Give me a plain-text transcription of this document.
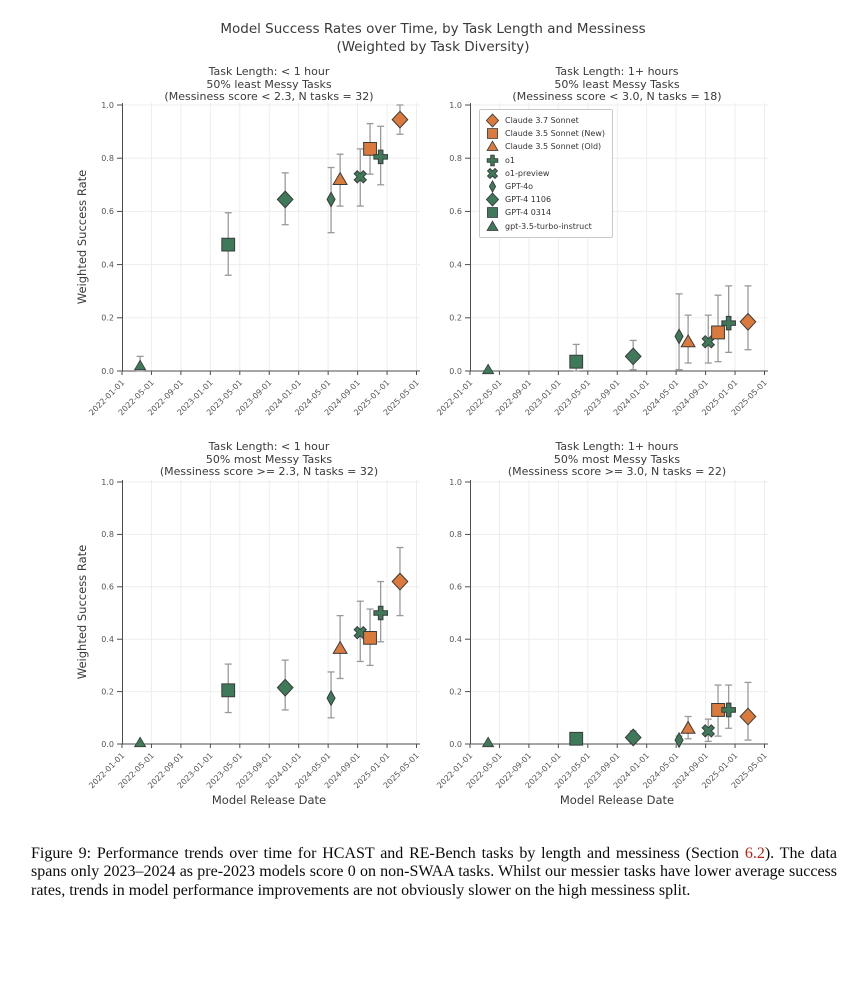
Model Success Rates over Time, by Task Length and Messiness
(Weighted by Task Diversity)
Task Length: < 1 hour
50% least Messy Tasks
(Messiness score < 2.3, N tasks = 32)
Task Length: 1+ hours
50% least Messy Tasks
(Messiness score < 3.0, N tasks = 18)
Task Length: < 1 hour
50% most Messy Tasks
(Messiness score >= 2.3, N tasks = 32)
Task Length: 1+ hours
50% most Messy Tasks
(Messiness score >= 3.0, N tasks = 22)
Weighted Success Rate
Weighted Success Rate
Model Release Date	Model Release Date
0.0
0.2
0.4
0.6
0.8
1.0
2022-01-01
2022-05-01
2022-09-01
2023-01-01
2023-05-01
2023-09-01
2024-01-01
2024-05-01
2024-09-01
2025-01-01
2025-05-01
0.0
0.2
0.4
0.6
0.8
1.0
2022-01-01
2022-05-01
2022-09-01
2023-01-01
2023-05-01
2023-09-01
2024-01-01
2024-05-01
2024-09-01
2025-01-01
2025-05-01
0.0
0.2
0.4
0.6
0.8
1.0
2022-01-01
2022-05-01
2022-09-01
2023-01-01
2023-05-01
2023-09-01
2024-01-01
2024-05-01
2024-09-01
2025-01-01
2025-05-01
0.0
0.2
0.4
0.6
0.8
1.0
2022-01-01
2022-05-01
2022-09-01
2023-01-01
2023-05-01
2023-09-01
2024-01-01
2024-05-01
2024-09-01
2025-01-01
2025-05-01
Claude 3.7 Sonnet
Claude 3.5 Sonnet (New)
Claude 3.5 Sonnet (Old)
o1
o1-preview
GPT-4o
GPT-4 1106
GPT-4 0314
gpt-3.5-turbo-instruct

Figure 9: Performance trends over time for HCAST and RE-Bench tasks by length and messiness (Section 6.2). The data spans only 2023–2024 as pre-2023 models score 0 on non-SWAA tasks. Whilst our messier tasks have lower average success rates, trends in model performance improvements are not obviously slower on the high messiness split.
